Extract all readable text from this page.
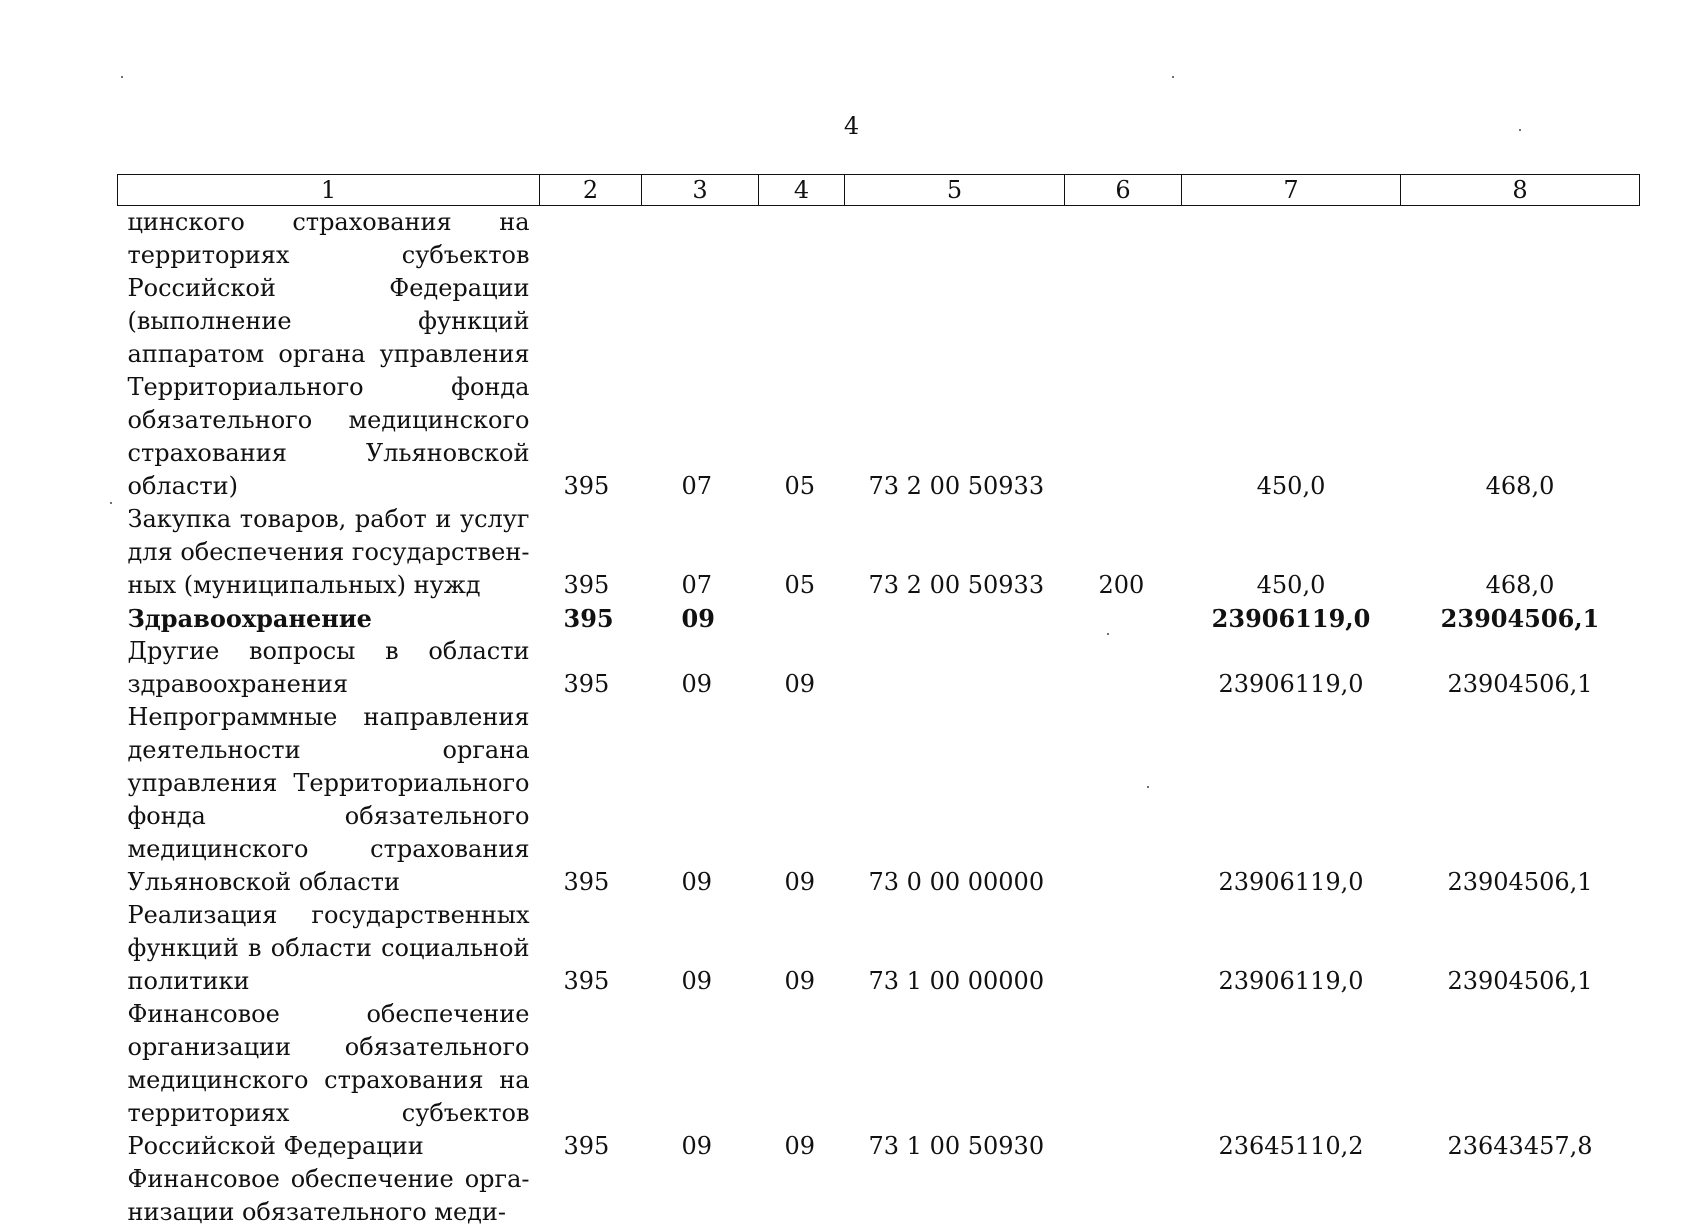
4
1	2	3	4	5	6	7	8
цинского страхования на территориях субъектов Российской Федерации (выполнение функций аппаратом органа управления Территориального фонда обязательного медицинского страхования Ульяновской области)	395	07	05	73 2 00 50933		450,0	468,0
Закупка товаров, работ и услуг для обеспечения государственных (муниципальных) нужд	395	07	05	73 2 00 50933	200	450,0	468,0
Здравоохранение	395	09				23906119,0	23904506,1
Другие вопросы в области здравоохранения	395	09	09			23906119,0	23904506,1
Непрограммные направления деятельности органа управления Территориального фонда обязательного медицинского страхования Ульяновской области	395	09	09	73 0 00 00000		23906119,0	23904506,1
Реализация государственных функций в области социальной политики	395	09	09	73 1 00 00000		23906119,0	23904506,1
Финансовое обеспечение организации обязательного медицинского страхования на территориях субъектов Российской Федерации	395	09	09	73 1 00 50930		23645110,2	23643457,8
Финансовое обеспечение организации обязательного меди-							
